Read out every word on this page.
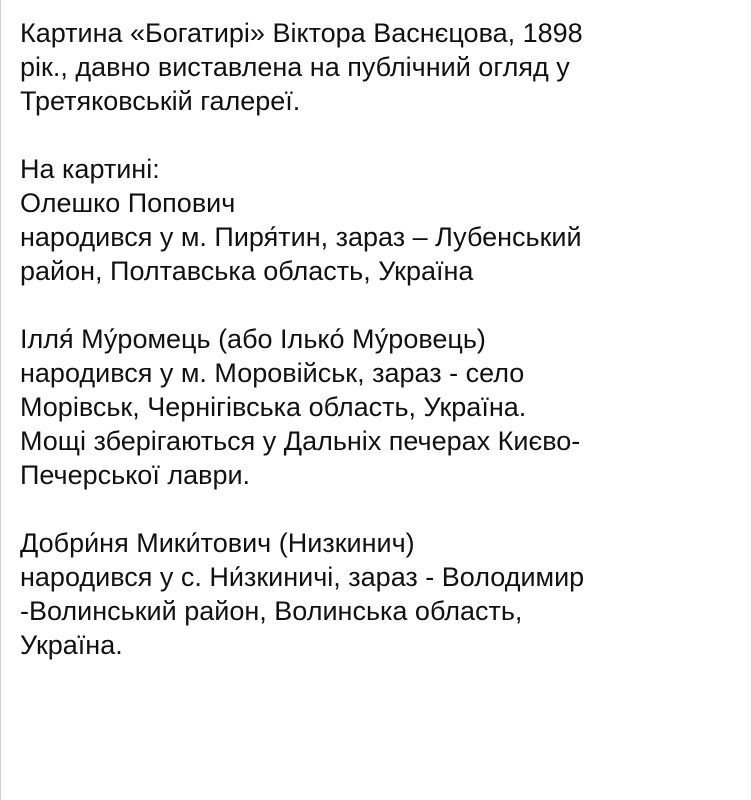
Картина «Богатирі» Віктора Васнєцова, 1898
рік., давно виставлена на публічний огляд у
Третяковській галереї.

На картині:
Олешко Попович
народився у м. Пиря́тин, зараз – Лубенський
район, Полтавська область, Україна

Ілля́ Му́ромець (або Ілько́ Му́ровець)
народився у м. Моровійськ, зараз - село
Морівськ, Чернігівська область, Україна.
Мощі зберігаються у Дальніх печерах Києво-
Печерської лаври.

Добри́ня Мики́тович (Низкинич)
народився у с. Ни́зкиничі, зараз - Володимир
-Волинський район, Волинська область,
Україна.
